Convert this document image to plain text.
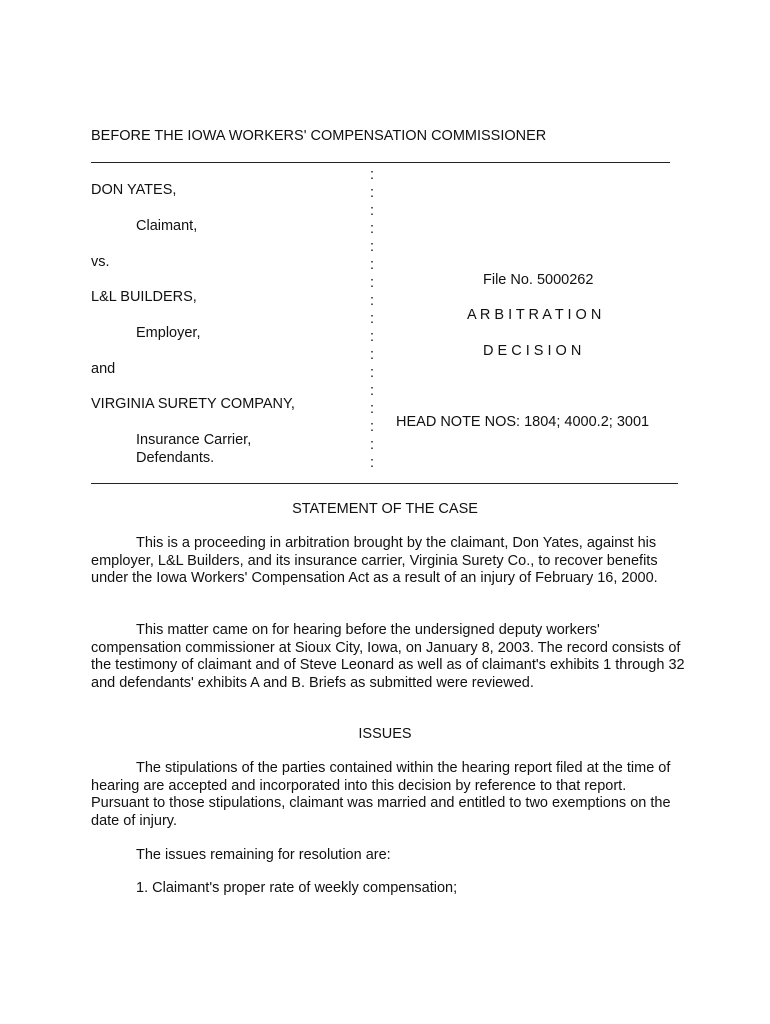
BEFORE THE IOWA WORKERS' COMPENSATION COMMISSIONER
DON YATES,
Claimant,
vs.
L&L BUILDERS,
Employer,
and
VIRGINIA SURETY COMPANY,
Insurance Carrier,
Defendants.
:
:
:
:
:
:
:
:
:
:
:
:
:
:
:
:
:
File No. 5000262
A R B I T R A T I O N
D E C I S I O N
HEAD NOTE NOS: 1804; 4000.2; 3001
STATEMENT OF THE CASE
This is a proceeding in arbitration brought by the claimant, Don Yates, against his employer, L&L Builders, and its insurance carrier, Virginia Surety Co., to recover benefits under the Iowa Workers' Compensation Act as a result of an injury of February 16, 2000.
This matter came on for hearing before the undersigned deputy workers' compensation commissioner at Sioux City, Iowa, on January 8, 2003. The record consists of the testimony of claimant and of Steve Leonard as well as of claimant's exhibits 1 through 32 and defendants' exhibits A and B. Briefs as submitted were reviewed.
ISSUES
The stipulations of the parties contained within the hearing report filed at the time of hearing are accepted and incorporated into this decision by reference to that report. Pursuant to those stipulations, claimant was married and entitled to two exemptions on the date of injury.
The issues remaining for resolution are:
1. Claimant's proper rate of weekly compensation;
